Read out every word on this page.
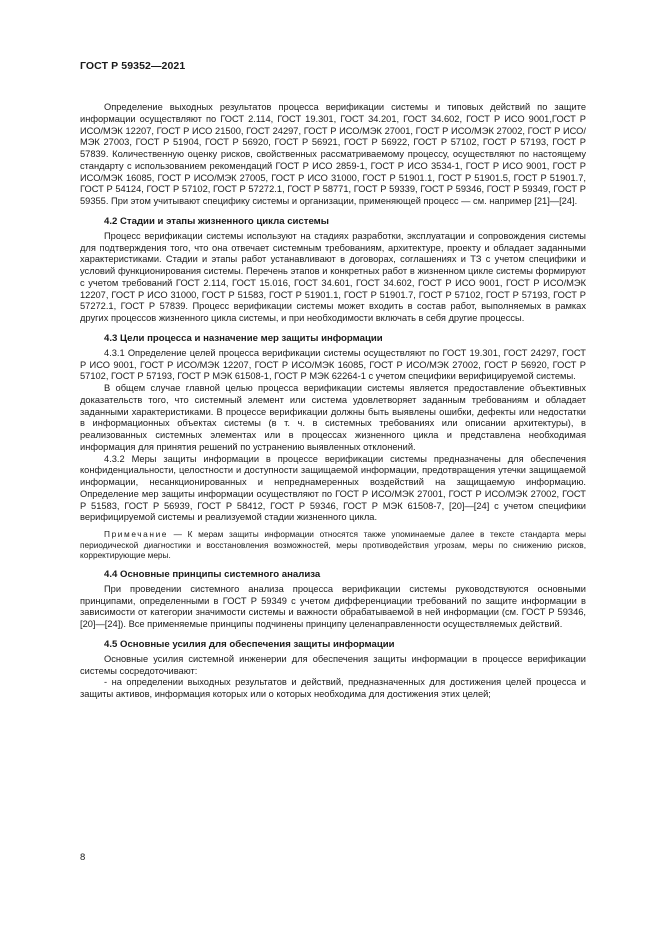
ГОСТ Р 59352—2021

Определение выходных результатов процесса верификации системы и типовых действий по защите информации осуществляют по ГОСТ 2.114, ГОСТ 19.301, ГОСТ 34.201, ГОСТ 34.602, ГОСТ Р ИСО 9001,ГОСТ Р ИСО/МЭК 12207, ГОСТ Р ИСО 21500, ГОСТ 24297, ГОСТ Р ИСО/МЭК 27001, ГОСТ Р ИСО/МЭК 27002, ГОСТ Р ИСО/МЭК 27003, ГОСТ Р 51904, ГОСТ Р 56920, ГОСТ Р 56921, ГОСТ Р 56922, ГОСТ Р 57102, ГОСТ Р 57193, ГОСТ Р 57839. Количественную оценку рисков, свойственных рассматриваемому процессу, осуществляют по настоящему стандарту с использованием рекомендаций ГОСТ Р ИСО 2859-1, ГОСТ Р ИСО 3534-1, ГОСТ Р ИСО 9001, ГОСТ Р ИСО/МЭК 16085, ГОСТ Р ИСО/МЭК 27005, ГОСТ Р ИСО 31000, ГОСТ Р 51901.1, ГОСТ Р 51901.5, ГОСТ Р 51901.7, ГОСТ Р 54124, ГОСТ Р 57102, ГОСТ Р 57272.1, ГОСТ Р 58771, ГОСТ Р 59339, ГОСТ Р 59346, ГОСТ Р 59349, ГОСТ Р 59355. При этом учитывают специфику системы и организации, применяющей процесс — см. например [21]—[24].

4.2 Стадии и этапы жизненного цикла системы

Процесс верификации системы используют на стадиях разработки, эксплуатации и сопровождения системы для подтверждения того, что она отвечает системным требованиям, архитектуре, проекту и обладает заданными характеристиками. Стадии и этапы работ устанавливают в договорах, соглашениях и ТЗ с учетом специфики и условий функционирования системы. Перечень этапов и конкретных работ в жизненном цикле системы формируют с учетом требований ГОСТ 2.114, ГОСТ 15.016, ГОСТ 34.601, ГОСТ 34.602, ГОСТ Р ИСО 9001, ГОСТ Р ИСО/МЭК 12207, ГОСТ Р ИСО 31000, ГОСТ Р 51583, ГОСТ Р 51901.1, ГОСТ Р 51901.7, ГОСТ Р 57102, ГОСТ Р 57193, ГОСТ Р 57272.1, ГОСТ Р 57839. Процесс верификации системы может входить в состав работ, выполняемых в рамках других процессов жизненного цикла системы, и при необходимости включать в себя другие процессы.

4.3 Цели процесса и назначение мер защиты информации

4.3.1 Определение целей процесса верификации системы осуществляют по ГОСТ 19.301, ГОСТ 24297, ГОСТ Р ИСО 9001, ГОСТ Р ИСО/МЭК 12207, ГОСТ Р ИСО/МЭК 16085, ГОСТ Р ИСО/МЭК 27002, ГОСТ Р 56920, ГОСТ Р 57102, ГОСТ Р 57193, ГОСТ Р МЭК 61508-1, ГОСТ Р МЭК 62264-1 с учетом специфики верифицируемой системы.

В общем случае главной целью процесса верификации системы является предоставление объективных доказательств того, что системный элемент или система удовлетворяет заданным требованиям и обладает заданными характеристиками. В процессе верификации должны быть выявлены ошибки, дефекты или недостатки в информационных объектах системы (в т. ч. в системных требованиях или описании архитектуры), в реализованных системных элементах или в процессах жизненного цикла и представлена необходимая информация для принятия решений по устранению выявленных отклонений.

4.3.2 Меры защиты информации в процессе верификации системы предназначены для обеспечения конфиденциальности, целостности и доступности защищаемой информации, предотвращения утечки защищаемой информации, несанкционированных и непреднамеренных воздействий на защищаемую информацию. Определение мер защиты информации осуществляют по ГОСТ Р ИСО/МЭК 27001, ГОСТ Р ИСО/МЭК 27002, ГОСТ Р 51583, ГОСТ Р 56939, ГОСТ Р 58412, ГОСТ Р 59346, ГОСТ Р МЭК 61508-7, [20]—[24] с учетом специфики верифицируемой системы и реализуемой стадии жизненного цикла.

Примечание — К мерам защиты информации относятся также упоминаемые далее в тексте стандарта меры периодической диагностики и восстановления возможностей, меры противодействия угрозам, меры по снижению рисков, корректирующие меры.

4.4 Основные принципы системного анализа

При проведении системного анализа процесса верификации системы руководствуются основными принципами, определенными в ГОСТ Р 59349 с учетом дифференциации требований по защите информации в зависимости от категории значимости системы и важности обрабатываемой в ней информации (см. ГОСТ Р 59346, [20]—[24]). Все применяемые принципы подчинены принципу целенаправленности осуществляемых действий.

4.5 Основные усилия для обеспечения защиты информации

Основные усилия системной инженерии для обеспечения защиты информации в процессе верификации системы сосредоточивают:

- на определении выходных результатов и действий, предназначенных для достижения целей процесса и защиты активов, информация которых или о которых необходима для достижения этих целей;

8
